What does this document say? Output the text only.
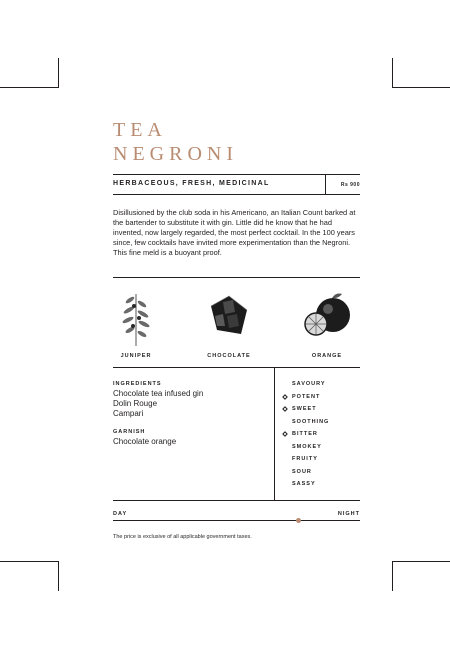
TEA
NEGRONI
HERBACEOUS, FRESH, MEDICINAL	Rs 900

Disillusioned by the club soda in his Americano, an Italian Count barked at the bartender to substitute it with gin. Little did he know that he had invented, now largely regarded, the most perfect cocktail. In the 100 years since, few cocktails have invited more experimentation than the Negroni. This fine meld is a buoyant proof.

JUNIPER	CHOCOLATE	ORANGE
INGREDIENTS
Chocolate tea infused gin
Dolin Rouge
Campari
GARNISH
Chocolate orange
SAVOURY
POTENT
SWEET
SOOTHING
BITTER
SMOKEY
FRUITY
SOUR
SASSY
DAY	NIGHT
The price is exclusive of all applicable government taxes.
